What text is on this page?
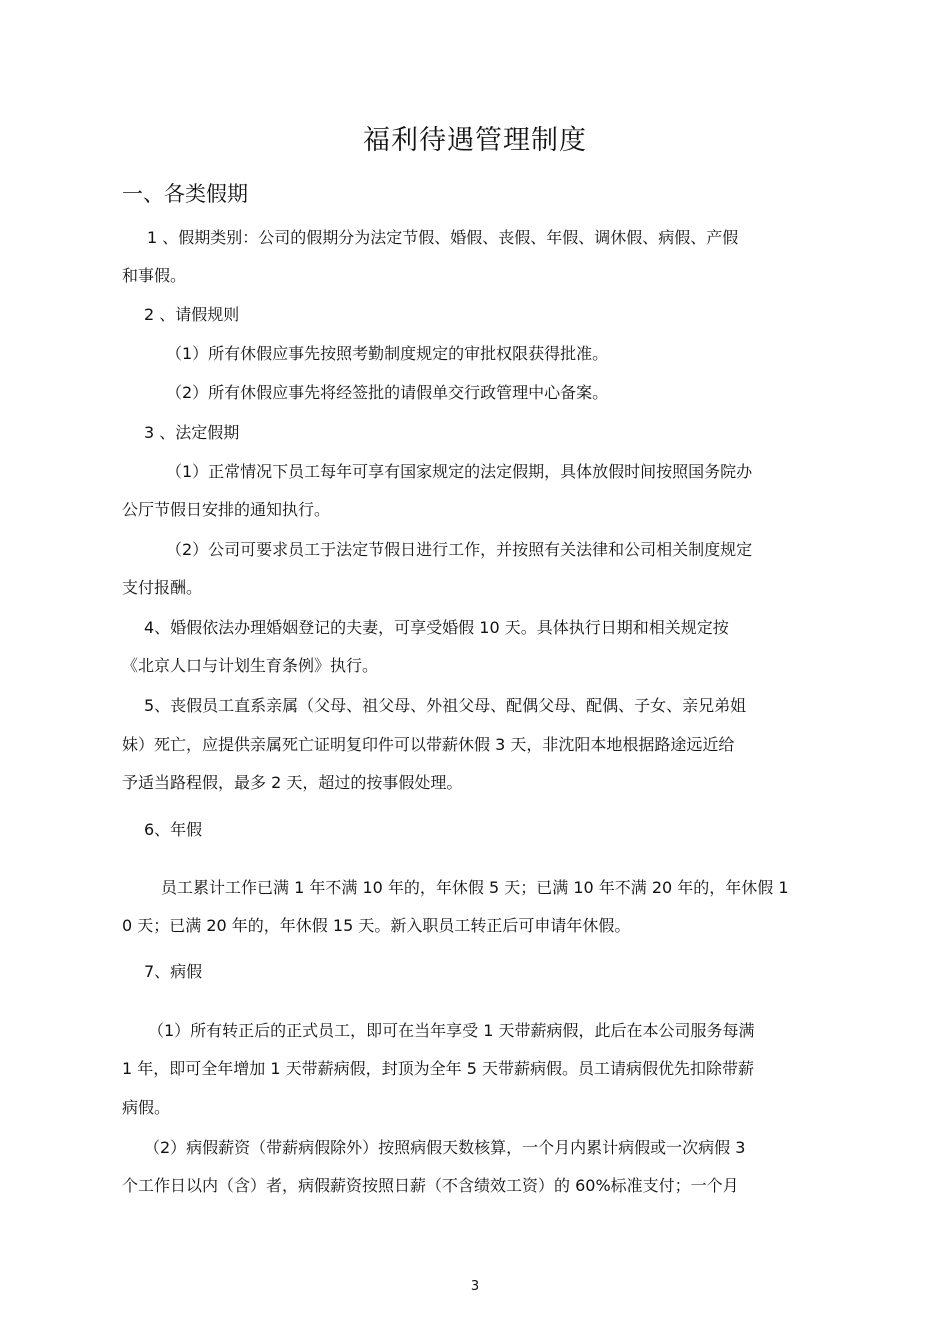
福利待遇管理制度
一、各类假期
1 、假期类别：公司的假期分为法定节假、婚假、丧假、年假、调休假、病假、产假
和事假。
2 、请假规则
（1）所有休假应事先按照考勤制度规定的审批权限获得批准。
（2）所有休假应事先将经签批的请假单交行政管理中心备案。
3 、法定假期
（1）正常情况下员工每年可享有国家规定的法定假期，具体放假时间按照国务院办
公厅节假日安排的通知执行。
（2）公司可要求员工于法定节假日进行工作，并按照有关法律和公司相关制度规定
支付报酬。
4、婚假依法办理婚姻登记的夫妻，可享受婚假 10 天。具体执行日期和相关规定按
《北京人口与计划生育条例》执行。
5、丧假员工直系亲属（父母、祖父母、外祖父母、配偶父母、配偶、子女、亲兄弟姐
妹）死亡，应提供亲属死亡证明复印件可以带薪休假 3 天，非沈阳本地根据路途远近给
予适当路程假，最多 2 天，超过的按事假处理。
6、年假
员工累计工作已满 1 年不满 10 年的，年休假 5 天；已满 10 年不满 20 年的，年休假 1
0 天；已满 20 年的，年休假 15 天。新入职员工转正后可申请年休假。
7、病假
（1）所有转正后的正式员工，即可在当年享受 1 天带薪病假，此后在本公司服务每满
1 年，即可全年增加 1 天带薪病假，封顶为全年 5 天带薪病假。员工请病假优先扣除带薪
病假。
（2）病假薪资（带薪病假除外）按照病假天数核算，一个月内累计病假或一次病假 3
个工作日以内（含）者，病假薪资按照日薪（不含绩效工资）的 60%标准支付；一个月
3
